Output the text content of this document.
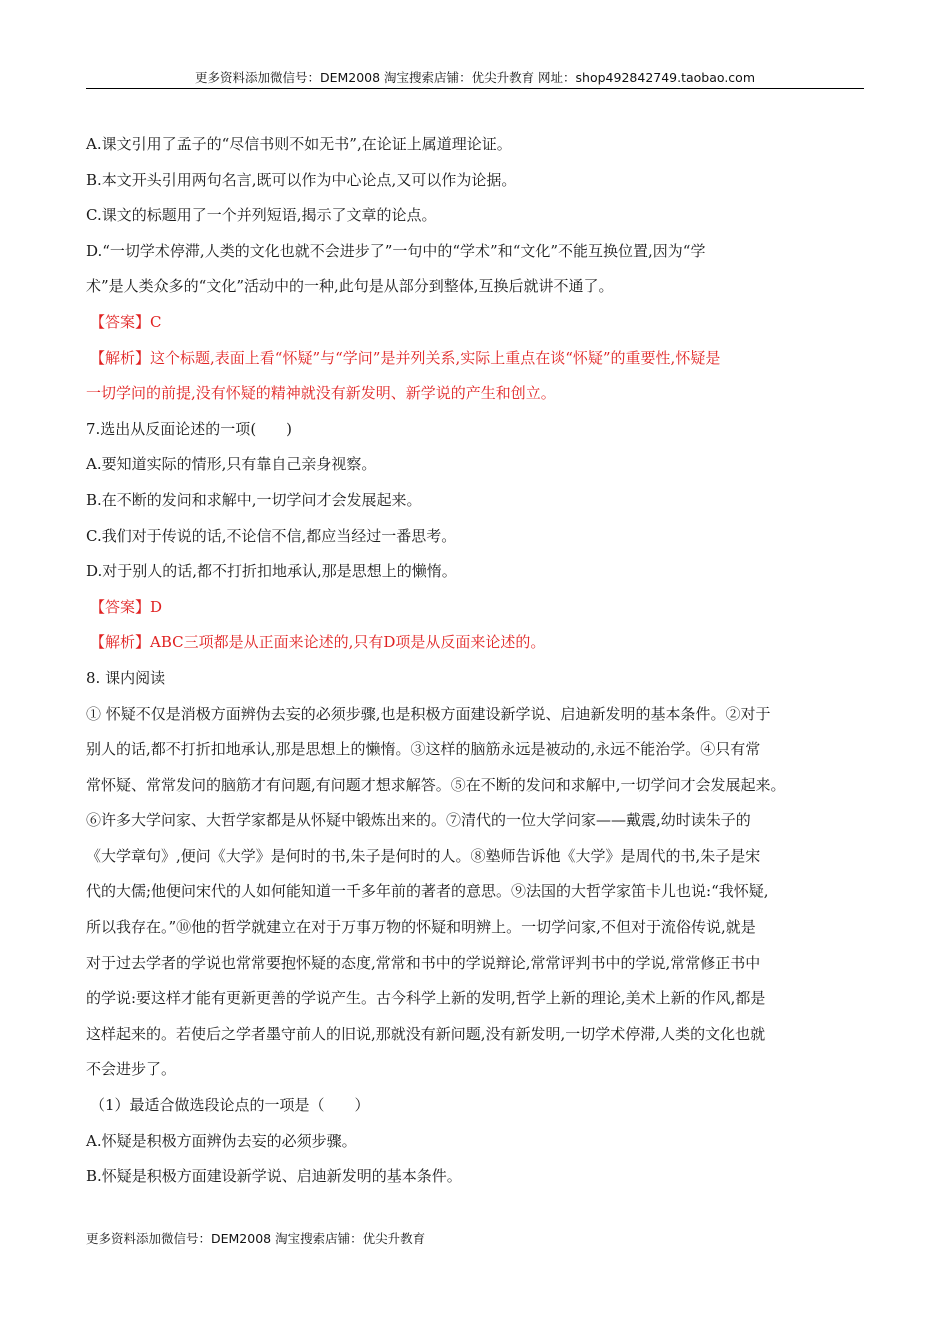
更多资料添加微信号：DEM2008 淘宝搜索店铺：优尖升教育 网址：shop492842749.taobao.com
A.课文引用了孟子的“尽信书则不如无书”,在论证上属道理论证。
B.本文开头引用两句名言,既可以作为中心论点,又可以作为论据。
C.课文的标题用了一个并列短语,揭示了文章的论点。
D.“一切学术停滞,人类的文化也就不会进步了”一句中的“学术”和“文化”不能互换位置,因为“学
术”是人类众多的“文化”活动中的一种,此句是从部分到整体,互换后就讲不通了。
【答案】C
【解析】这个标题,表面上看“怀疑”与“学问”是并列关系,实际上重点在谈“怀疑”的重要性,怀疑是
一切学问的前提,没有怀疑的精神就没有新发明、新学说的产生和创立。
7.选出从反面论述的一项(　　)
A.要知道实际的情形,只有靠自己亲身视察。
B.在不断的发问和求解中,一切学问才会发展起来。
C.我们对于传说的话,不论信不信,都应当经过一番思考。
D.对于别人的话,都不打折扣地承认,那是思想上的懒惰。
【答案】D
【解析】ABC三项都是从正面来论述的,只有D项是从反面来论述的。
8. 课内阅读
① 怀疑不仅是消极方面辨伪去妄的必须步骤,也是积极方面建设新学说、启迪新发明的基本条件。②对于
别人的话,都不打折扣地承认,那是思想上的懒惰。③这样的脑筋永远是被动的,永远不能治学。④只有常
常怀疑、常常发问的脑筋才有问题,有问题才想求解答。⑤在不断的发问和求解中,一切学问才会发展起来。
⑥许多大学问家、大哲学家都是从怀疑中锻炼出来的。⑦清代的一位大学问家——戴震,幼时读朱子的
《大学章句》,便问《大学》是何时的书,朱子是何时的人。⑧塾师告诉他《大学》是周代的书,朱子是宋
代的大儒;他便问宋代的人如何能知道一千多年前的著者的意思。⑨法国的大哲学家笛卡儿也说:“我怀疑,
所以我存在。”⑩他的哲学就建立在对于万事万物的怀疑和明辨上。一切学问家,不但对于流俗传说,就是
对于过去学者的学说也常常要抱怀疑的态度,常常和书中的学说辩论,常常评判书中的学说,常常修正书中
的学说:要这样才能有更新更善的学说产生。古今科学上新的发明,哲学上新的理论,美术上新的作风,都是
这样起来的。若使后之学者墨守前人的旧说,那就没有新问题,没有新发明,一切学术停滞,人类的文化也就
不会进步了。
（1）最适合做选段论点的一项是（　　）
A.怀疑是积极方面辨伪去妄的必须步骤。
B.怀疑是积极方面建设新学说、启迪新发明的基本条件。
更多资料添加微信号：DEM2008 淘宝搜索店铺：优尖升教育
